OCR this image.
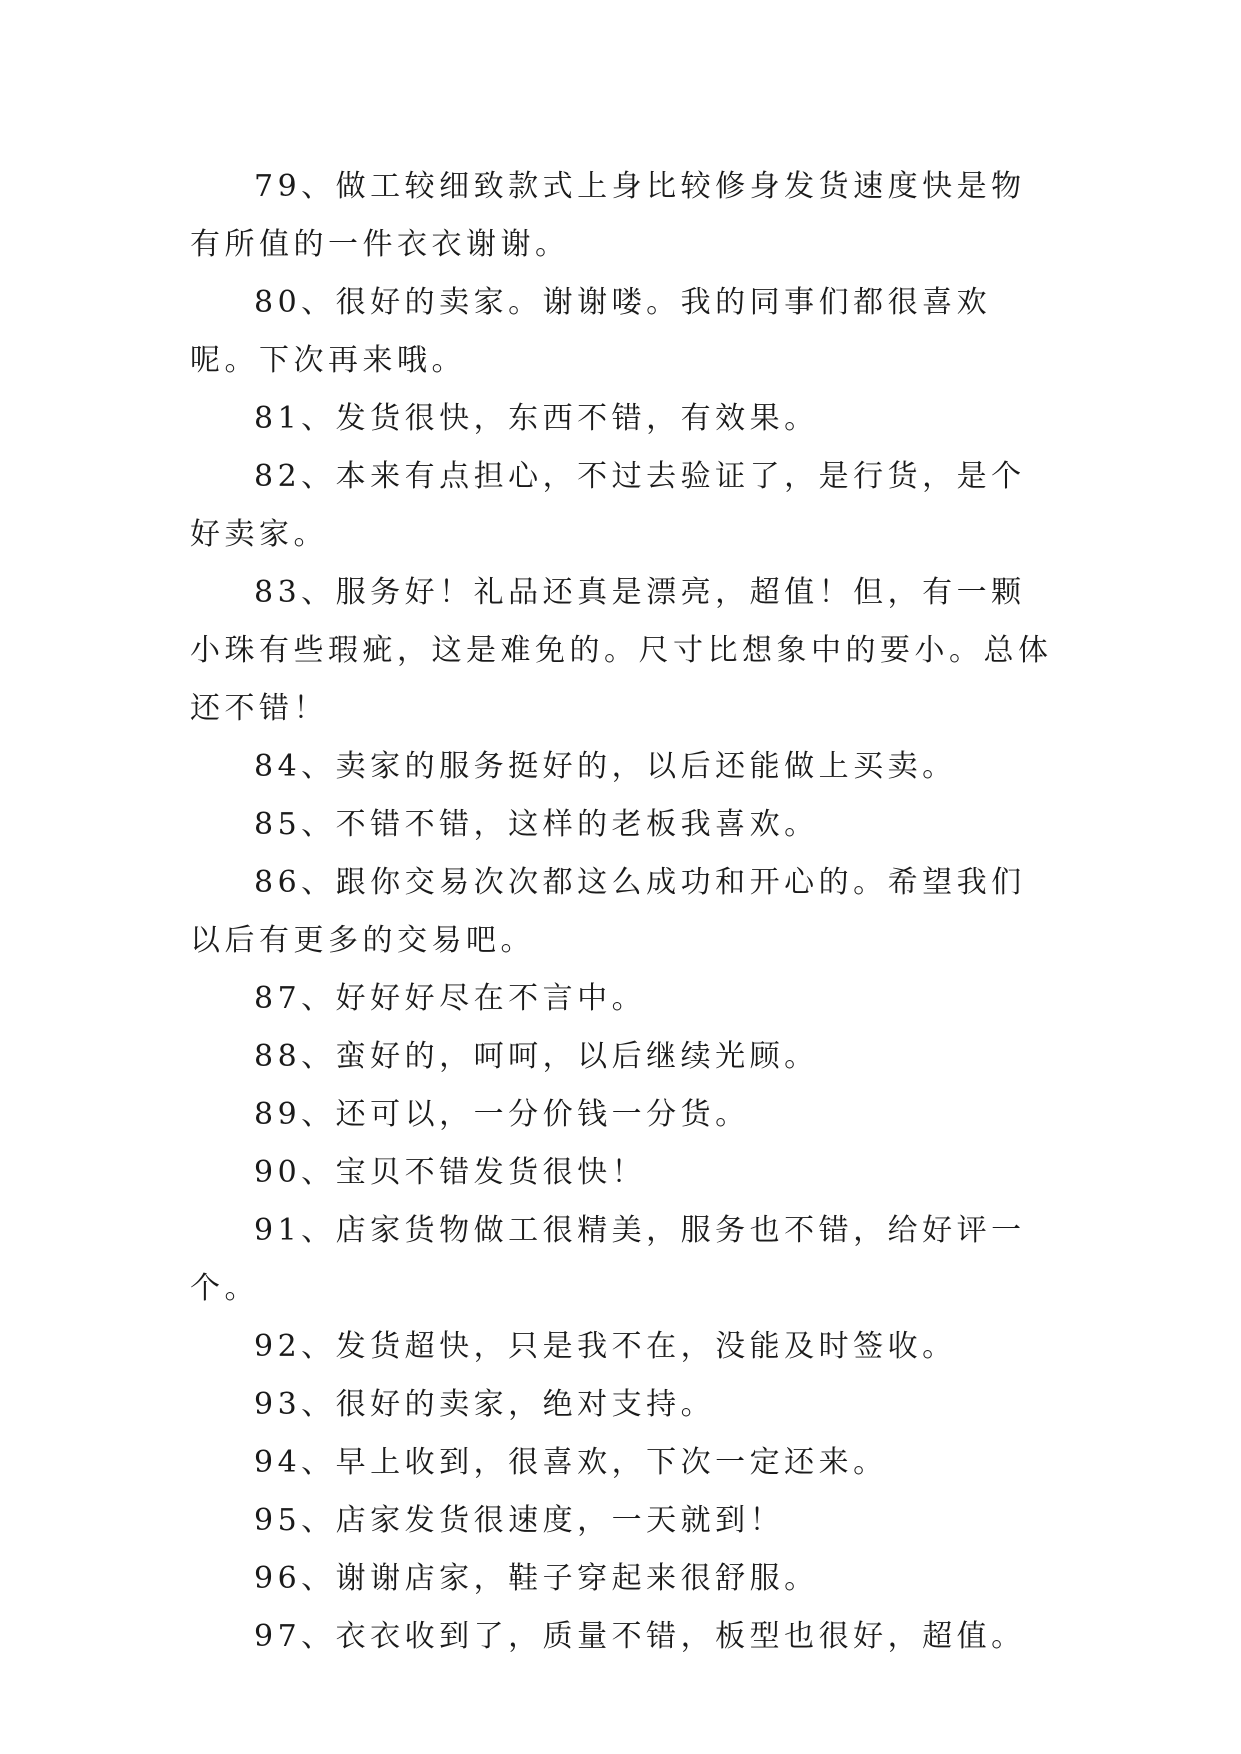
79、做工较细致款式上身比较修身发货速度快是物有所值的一件衣衣谢谢。

80、很好的卖家。谢谢喽。我的同事们都很喜欢呢。下次再来哦。

81、发货很快，东西不错，有效果。

82、本来有点担心，不过去验证了，是行货，是个好卖家。

83、服务好！礼品还真是漂亮，超值！但，有一颗小珠有些瑕疵，这是难免的。尺寸比想象中的要小。总体还不错！

84、卖家的服务挺好的，以后还能做上买卖。

85、不错不错，这样的老板我喜欢。

86、跟你交易次次都这么成功和开心的。希望我们以后有更多的交易吧。

87、好好好尽在不言中。

88、蛮好的，呵呵，以后继续光顾。

89、还可以，一分价钱一分货。

90、宝贝不错发货很快！

91、店家货物做工很精美，服务也不错，给好评一个。

92、发货超快，只是我不在，没能及时签收。

93、很好的卖家，绝对支持。

94、早上收到，很喜欢，下次一定还来。

95、店家发货很速度，一天就到！

96、谢谢店家，鞋子穿起来很舒服。

97、衣衣收到了，质量不错，板型也很好，超值。
